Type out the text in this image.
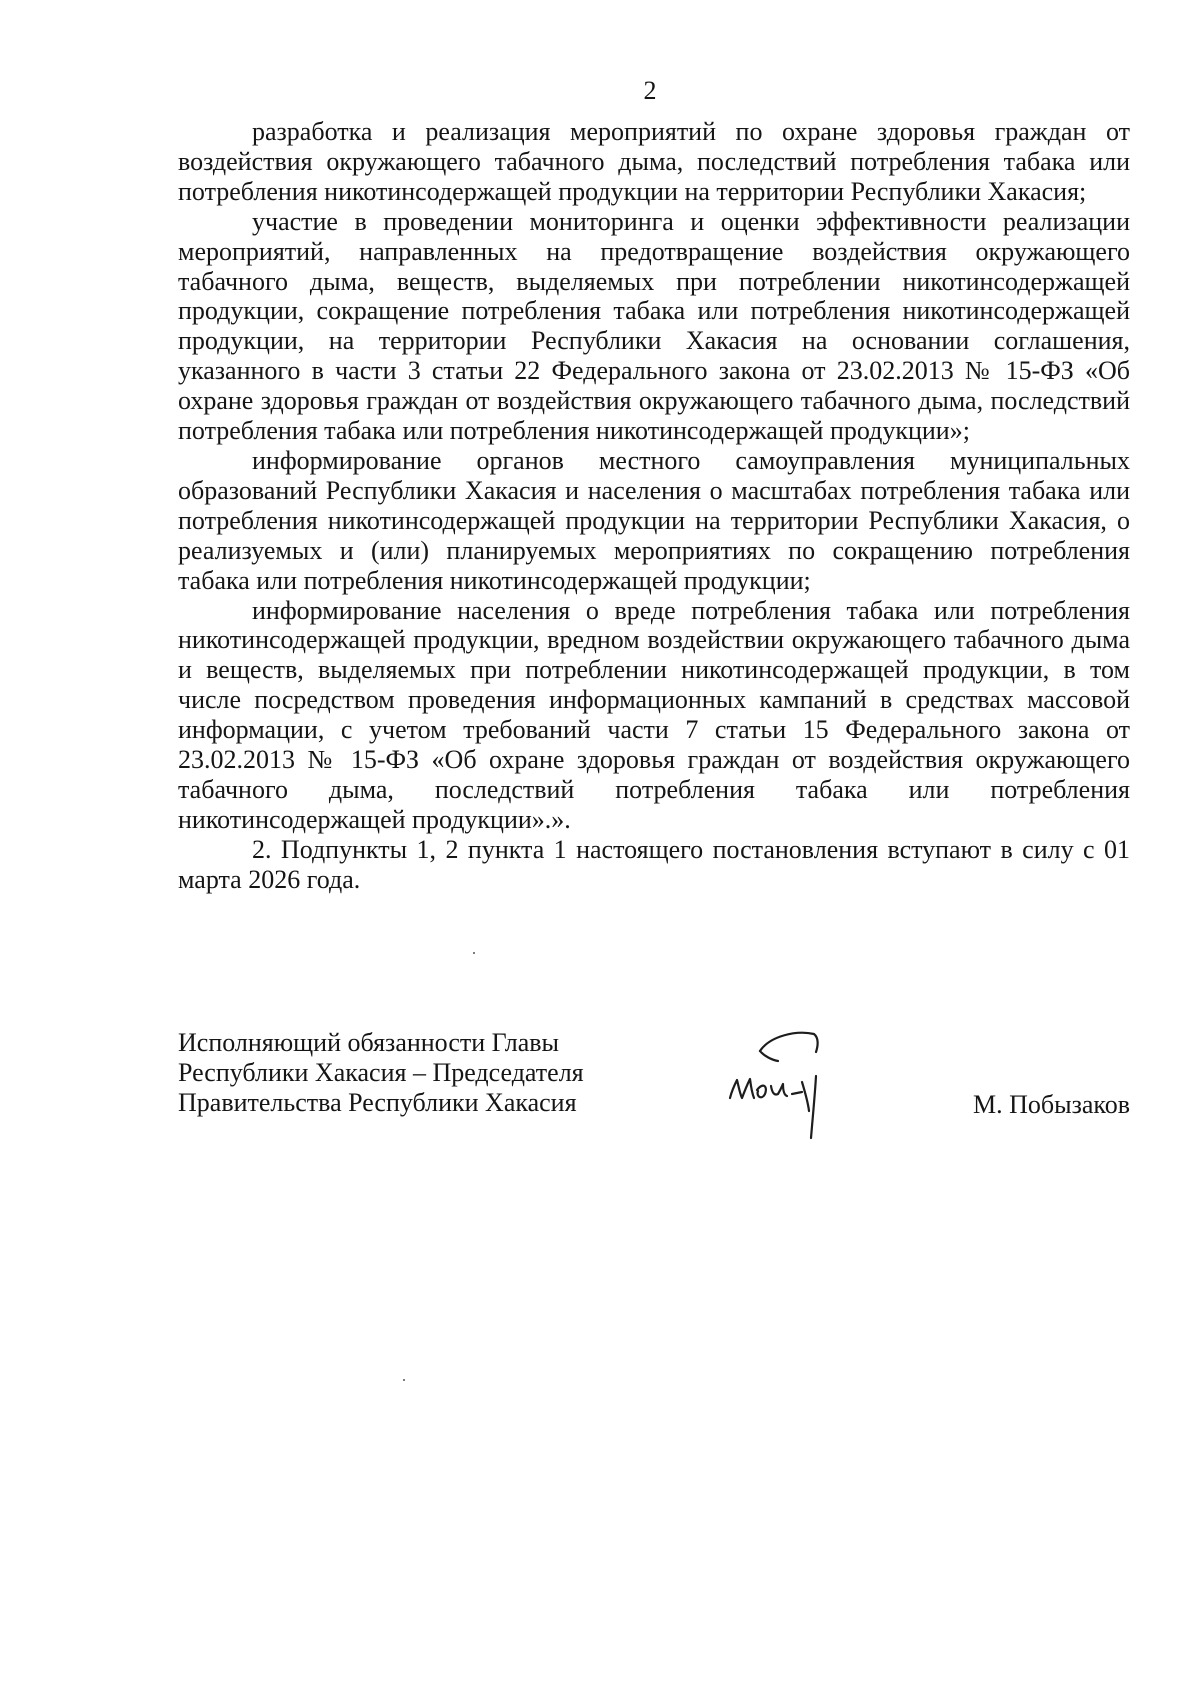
2

разработка и реализация мероприятий по охране здоровья граждан от воздействия окружающего табачного дыма, последствий потребления табака или потребления никотинсодержащей продукции на территории Республики Хакасия;

участие в проведении мониторинга и оценки эффективности реализации мероприятий, направленных на предотвращение воздействия окружающего табачного дыма, веществ, выделяемых при потреблении никотинсодержащей продукции, сокращение потребления табака или потребления никотинсодержащей продукции, на территории Республики Хакасия на основании соглашения, указанного в части 3 статьи 22 Федерального закона от 23.02.2013 № 15-ФЗ «Об охране здоровья граждан от воздействия окружающего табачного дыма, последствий потребления табака или потребления никотинсодержащей продукции»;

информирование органов местного самоуправления муниципальных образований Республики Хакасия и населения о масштабах потребления табака или потребления никотинсодержащей продукции на территории Республики Хакасия, о реализуемых и (или) планируемых мероприятиях по сокращению потребления табака или потребления никотинсодержащей продукции;

информирование населения о вреде потребления табака или потребления никотинсодержащей продукции, вредном воздействии окружающего табачного дыма и веществ, выделяемых при потреблении никотинсодержащей продукции, в том числе посредством проведения информационных кампаний в средствах массовой информации, с учетом требований части 7 статьи 15 Федерального закона от 23.02.2013 № 15-ФЗ «Об охране здоровья граждан от воздействия окружающего табачного дыма, последствий потребления табака или потребления никотинсодержащей продукции».».

2. Подпункты 1, 2 пункта 1 настоящего постановления вступают в силу с 01 марта 2026 года.

Исполняющий обязанности Главы
Республики Хакасия – Председателя
Правительства Республики Хакасия	М. Побызаков
